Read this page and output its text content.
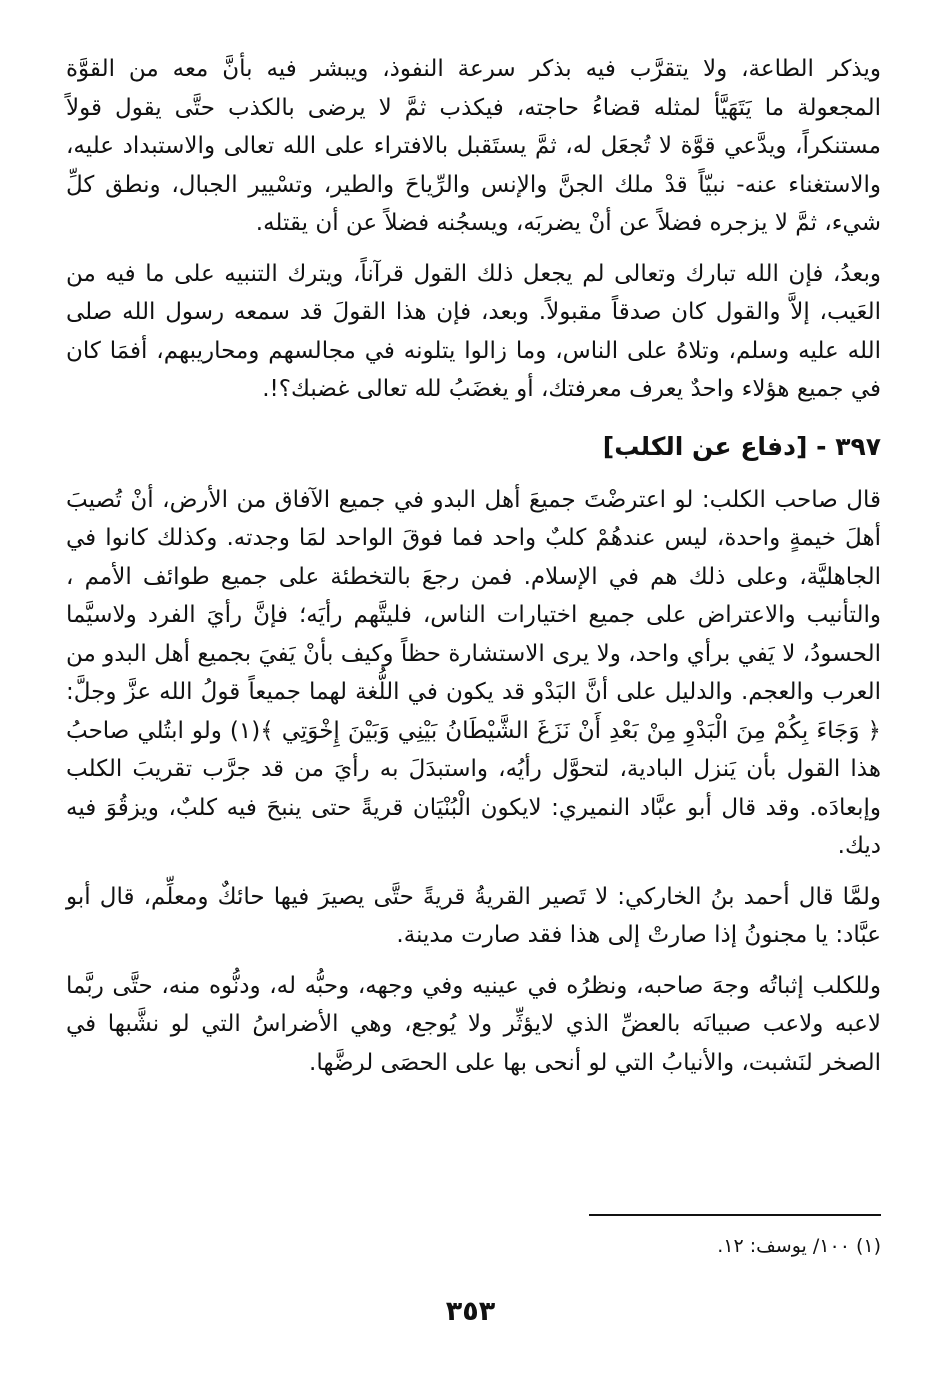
ويذكر الطاعة، ولا يتقرَّب فيه بذكر سرعة النفوذ، ويبشر فيه بأنَّ معه من القوَّة المجعولة ما يَتَهَيَّأ لمثله قضاءُ حاجته، فيكذب ثمَّ لا يرضى بالكذب حتَّى يقول قولاً مستنكراً، ويدَّعي قوَّة لا تُجعَل له، ثمَّ يستَقبل بالافتراء على الله تعالى والاستبداد عليه، والاستغناء عنه- نبيّاً قدْ ملك الجنَّ والإنس والرِّياحَ والطير، وتسْيير الجبال، ونطق كلِّ شيء، ثمَّ لا يزجره فضلاً عن أنْ يضربَه، ويسجُنه فضلاً عن أن يقتله.

وبعدُ، فإن الله تبارك وتعالى لم يجعل ذلك القول قرآناً، ويترك التنبيه على ما فيه من العَيب، إلاَّ والقول كان صدقاً مقبولاً. وبعد، فإن هذا القولَ قد سمعه رسول الله صلى الله عليه وسلم، وتلاهُ على الناس، وما زالوا يتلونه في مجالسهم ومحاريبهم، أفمَا كان في جميع هؤلاء واحدٌ يعرف معرفتك، أو يغضَبُ لله تعالى غضبك؟!.

٣٩٧ - [دفاع عن الكلب]

قال صاحب الكلب: لو اعترضْتَ جميعَ أهل البدو في جميع الآفاق من الأرض، أنْ تُصيبَ أهلَ خيمةٍ واحدة، ليس عندهُمْ كلبٌ واحد فما فوقَ الواحد لمَا وجدته. وكذلك كانوا في الجاهليَّة، وعلى ذلك هم في الإسلام. فمن رجعَ بالتخطئة على جميع طوائف الأمم ، والتأنيب والاعتراض على جميع اختيارات الناس، فليتَّهم رأيَه؛ فإنَّ رأيَ الفرد ولاسيَّما الحسودُ، لا يَفي برأي واحد، ولا يرى الاستشارة حظاً وكيف بأنْ يَفيَ بجميع أهل البدو من العرب والعجم. والدليل على أنَّ البَدْو قد يكون في اللُّغة لهما جميعاً قولُ الله عزَّ وجلَّ: ﴿ وَجَاءَ بِكُمْ مِنَ الْبَدْوِ مِنْ بَعْدِ أَنْ نَزَغَ الشَّيْطَانُ بَيْنِي وَبَيْنَ إِخْوَتِي ﴾(١) ولو ابتُلي صاحبُ هذا القول بأن يَنزل البادية، لتحوَّل رأيُه، واستبدَلَ به رأيَ من قد جرَّب تقريبَ الكلب وإبعادَه. وقد قال أبو عبَّاد النميري: لايكون الْبُنْيَان قريةً حتى ينبحَ فيه كلبٌ، ويزقُوَ فيه ديك.

ولمَّا قال أحمد بنُ الخاركي: لا تَصير القريةُ قريةً حتَّى يصيرَ فيها حائكٌ ومعلِّم، قال أبو عبَّاد: يا مجنونُ إذا صارتْ إلى هذا فقد صارت مدينة.

وللكلب إثباتُه وجهَ صاحبه، ونظرُه في عينيه وفي وجهه، وحبُّه له، ودنُّوه منه، حتَّى ربَّما لاعبه ولاعب صبيانَه بالعضِّ الذي لايؤثِّر ولا يُوجع، وهي الأضراسُ التي لو نشَّبها في الصخر لنَشبت، والأنيابُ التي لو أنحى بها على الحصَى لرضَّها.

(١) ١٠٠/ يوسف: ١٢.
٣٥٣
